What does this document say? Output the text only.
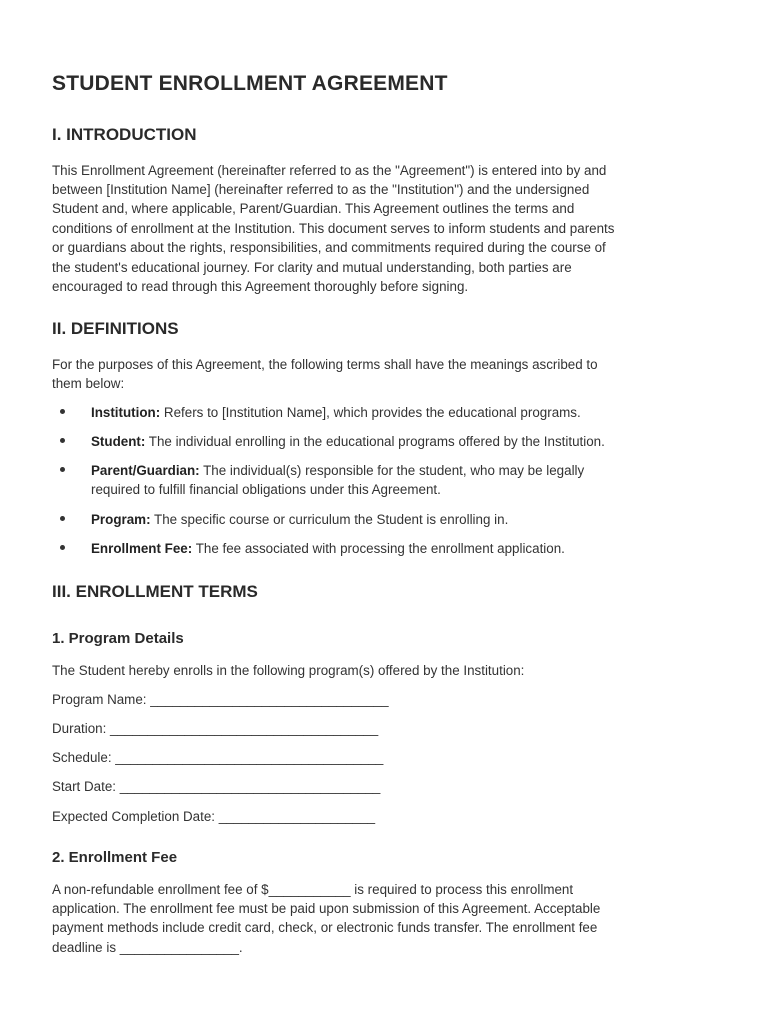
STUDENT ENROLLMENT AGREEMENT
I. INTRODUCTION

This Enrollment Agreement (hereinafter referred to as the "Agreement") is entered into by and

between [Institution Name] (hereinafter referred to as the "Institution") and the undersigned

Student and, where applicable, Parent/Guardian. This Agreement outlines the terms and

conditions of enrollment at the Institution. This document serves to inform students and parents

or guardians about the rights, responsibilities, and commitments required during the course of

the student's educational journey. For clarity and mutual understanding, both parties are

encouraged to read through this Agreement thoroughly before signing.

II. DEFINITIONS

For the purposes of this Agreement, the following terms shall have the meanings ascribed to

them below:

Institution: Refers to [Institution Name], which provides the educational programs.
Student: The individual enrolling in the educational programs offered by the Institution.
Parent/Guardian: The individual(s) responsible for the student, who may be legally
required to fulfill financial obligations under this Agreement.
Program: The specific course or curriculum the Student is enrolling in.
Enrollment Fee: The fee associated with processing the enrollment application.
III. ENROLLMENT TERMS
1. Program Details

The Student hereby enrolls in the following program(s) offered by the Institution:

Program Name: ________________________________

Duration: ____________________________________

Schedule: ____________________________________

Start Date: ___________________________________

Expected Completion Date: _____________________

2. Enrollment Fee

A non-refundable enrollment fee of $___________ is required to process this enrollment

application. The enrollment fee must be paid upon submission of this Agreement. Acceptable

payment methods include credit card, check, or electronic funds transfer. The enrollment fee

deadline is ________________.
